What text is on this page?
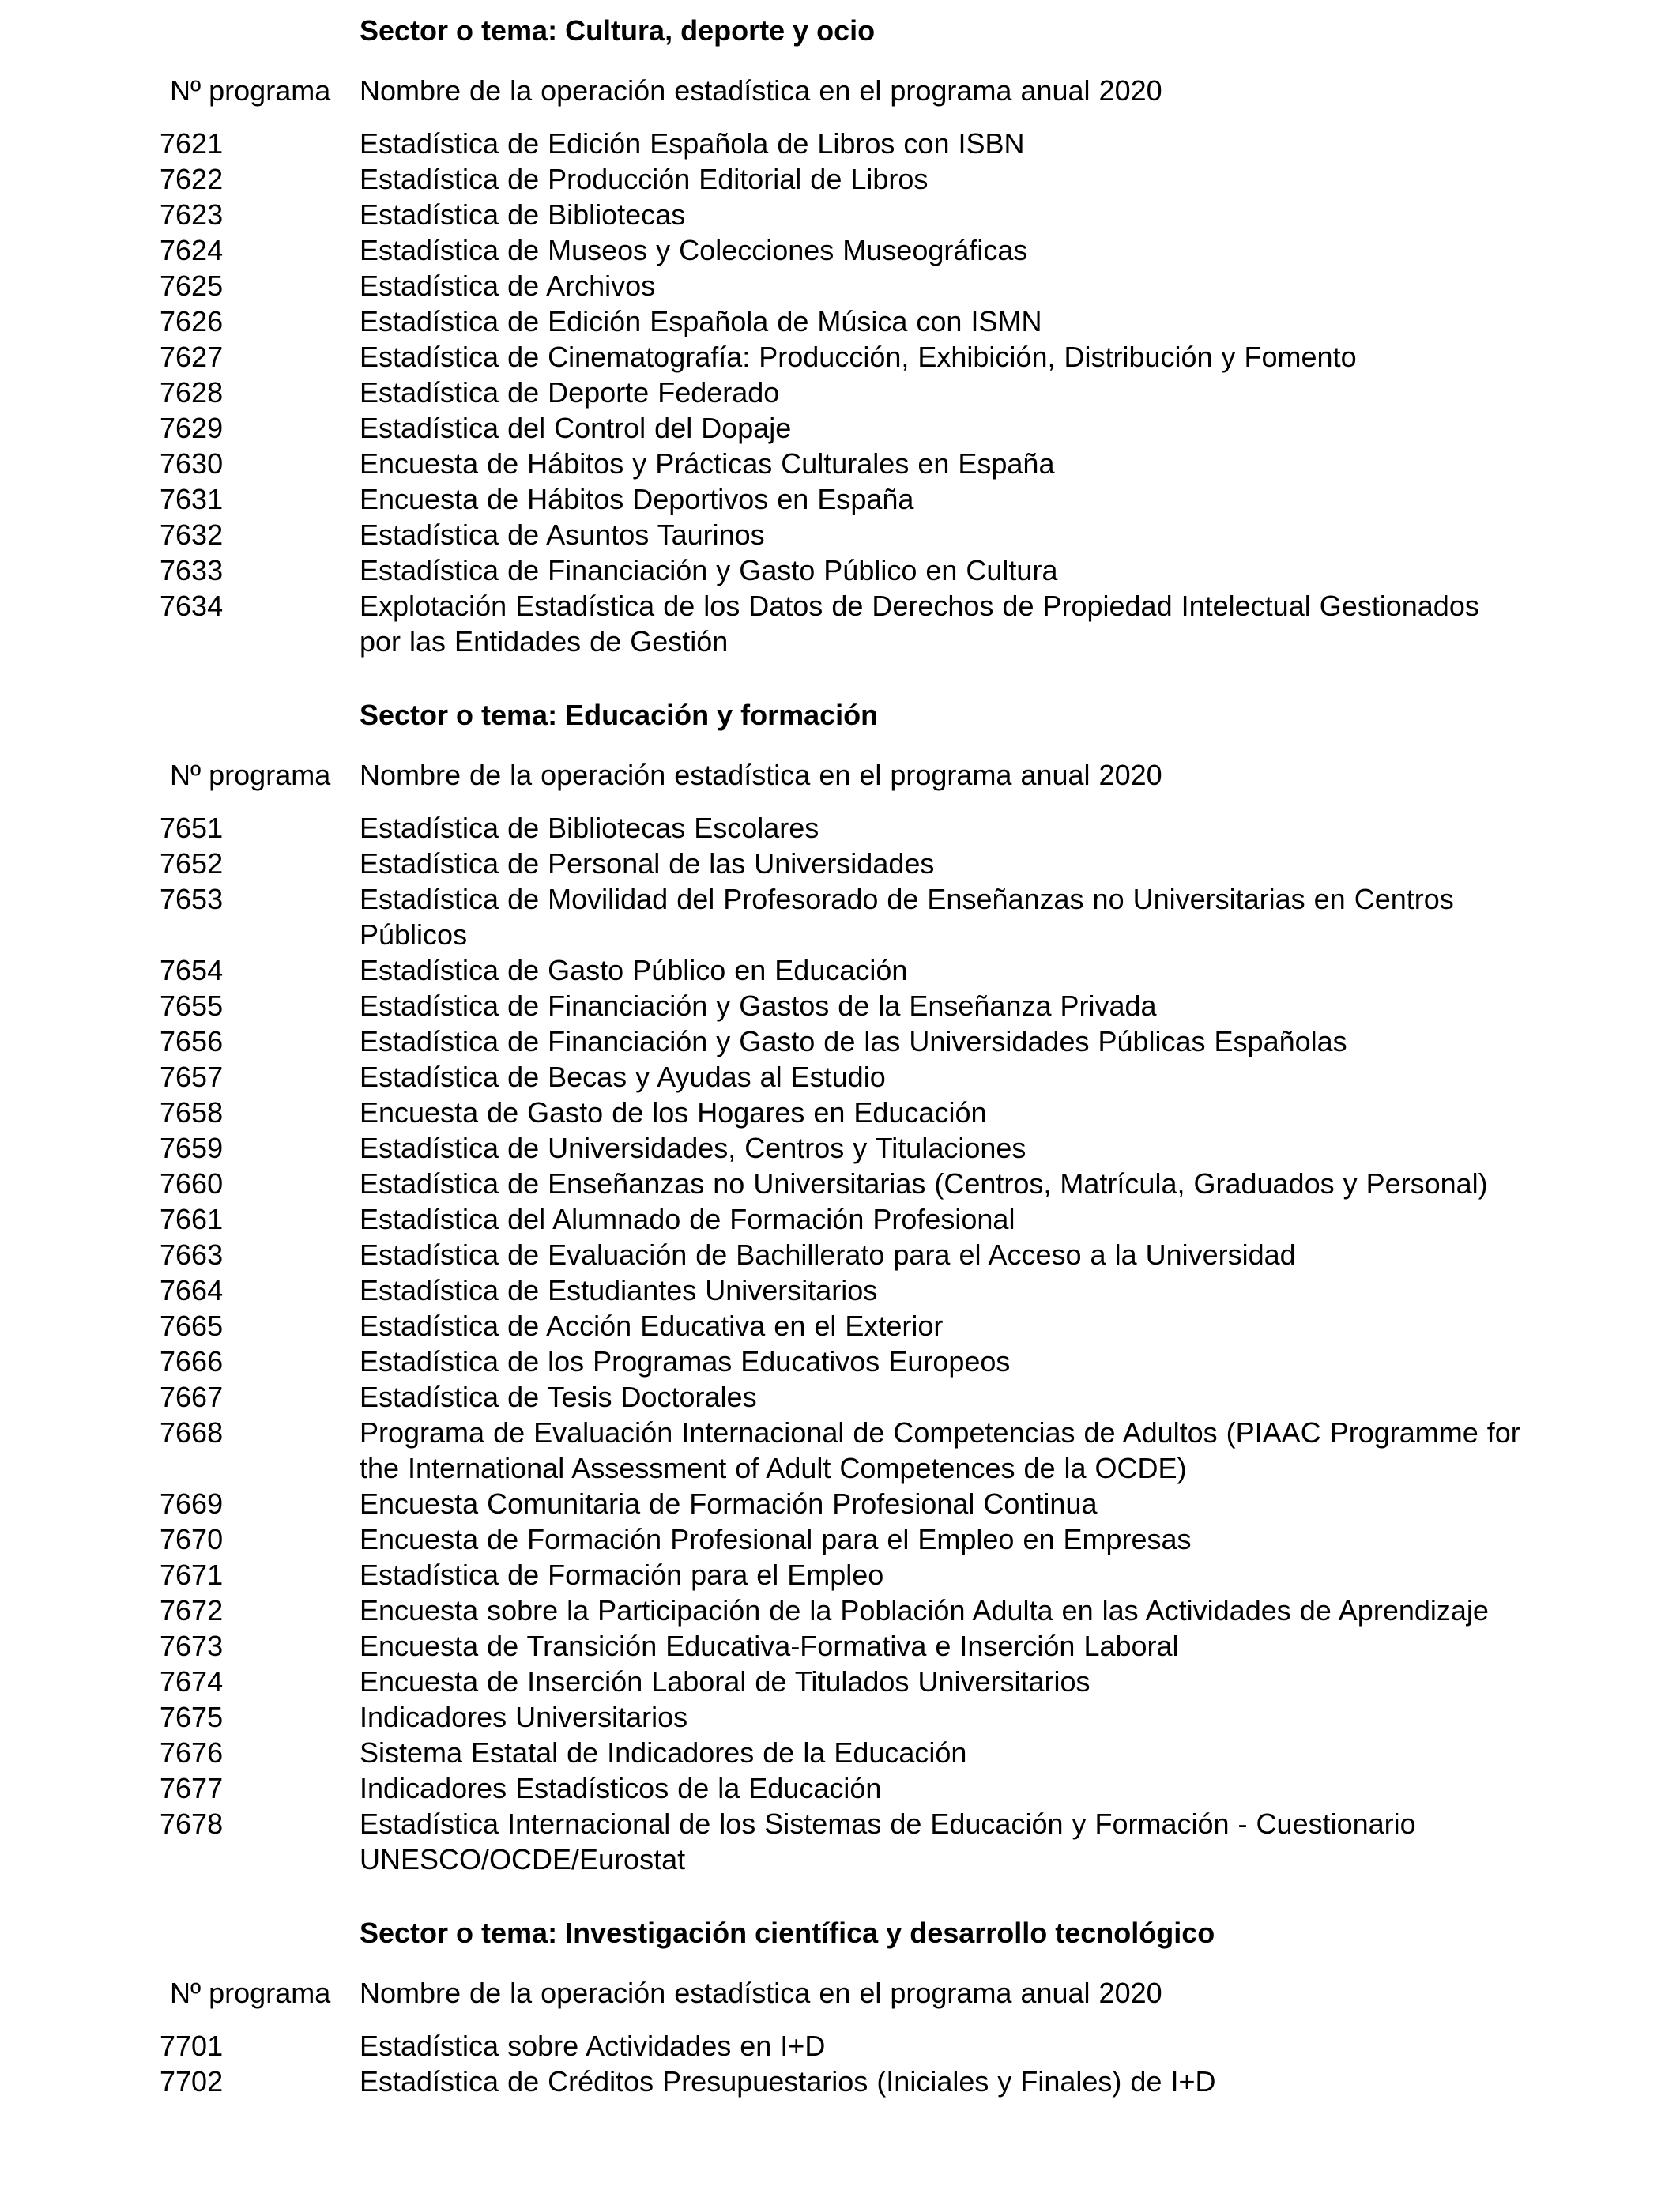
Sector o tema: Cultura, deporte y ocio
Nº programa	Nombre de la operación estadística en el programa anual 2020
7621	Estadística de Edición Española de Libros con ISBN
7622	Estadística de Producción Editorial de Libros
7623	Estadística de Bibliotecas
7624	Estadística de Museos y Colecciones Museográficas
7625	Estadística de Archivos
7626	Estadística de Edición Española de Música con ISMN
7627	Estadística de Cinematografía: Producción, Exhibición, Distribución y Fomento
7628	Estadística de Deporte Federado
7629	Estadística del Control del Dopaje
7630	Encuesta de Hábitos y Prácticas Culturales en España
7631	Encuesta de Hábitos Deportivos en España
7632	Estadística de Asuntos Taurinos
7633	Estadística de Financiación y Gasto Público en Cultura
7634	Explotación Estadística de los Datos de Derechos de Propiedad Intelectual Gestionados por las Entidades de Gestión
Sector o tema: Educación y formación
Nº programa	Nombre de la operación estadística en el programa anual 2020
7651	Estadística de Bibliotecas Escolares
7652	Estadística de Personal de las Universidades
7653	Estadística de Movilidad del Profesorado de Enseñanzas no Universitarias en Centros Públicos
7654	Estadística de Gasto Público en Educación
7655	Estadística de Financiación y Gastos de la Enseñanza Privada
7656	Estadística de Financiación y Gasto de las Universidades Públicas Españolas
7657	Estadística de Becas y Ayudas al Estudio
7658	Encuesta de Gasto de los Hogares en Educación
7659	Estadística de Universidades, Centros y Titulaciones
7660	Estadística de Enseñanzas no Universitarias (Centros, Matrícula, Graduados y Personal)
7661	Estadística del Alumnado de Formación Profesional
7663	Estadística de Evaluación de Bachillerato para el Acceso a la Universidad
7664	Estadística de Estudiantes Universitarios
7665	Estadística de Acción Educativa en el Exterior
7666	Estadística de los Programas Educativos Europeos
7667	Estadística de Tesis Doctorales
7668	Programa de Evaluación Internacional de Competencias de Adultos (PIAAC Programme for the International Assessment of Adult Competences de la OCDE)
7669	Encuesta Comunitaria de Formación Profesional Continua
7670	Encuesta de Formación Profesional para el Empleo en Empresas
7671	Estadística de Formación para el Empleo
7672	Encuesta sobre la Participación de la Población Adulta en las Actividades de Aprendizaje
7673	Encuesta de Transición Educativa-Formativa e Inserción Laboral
7674	Encuesta de Inserción Laboral de Titulados Universitarios
7675	Indicadores Universitarios
7676	Sistema Estatal de Indicadores de la Educación
7677	Indicadores Estadísticos de la Educación
7678	Estadística Internacional de los Sistemas de Educación y Formación - Cuestionario UNESCO/OCDE/Eurostat
Sector o tema: Investigación científica y desarrollo tecnológico
Nº programa	Nombre de la operación estadística en el programa anual 2020
7701	Estadística sobre Actividades en I+D
7702	Estadística de Créditos Presupuestarios (Iniciales y Finales) de I+D
